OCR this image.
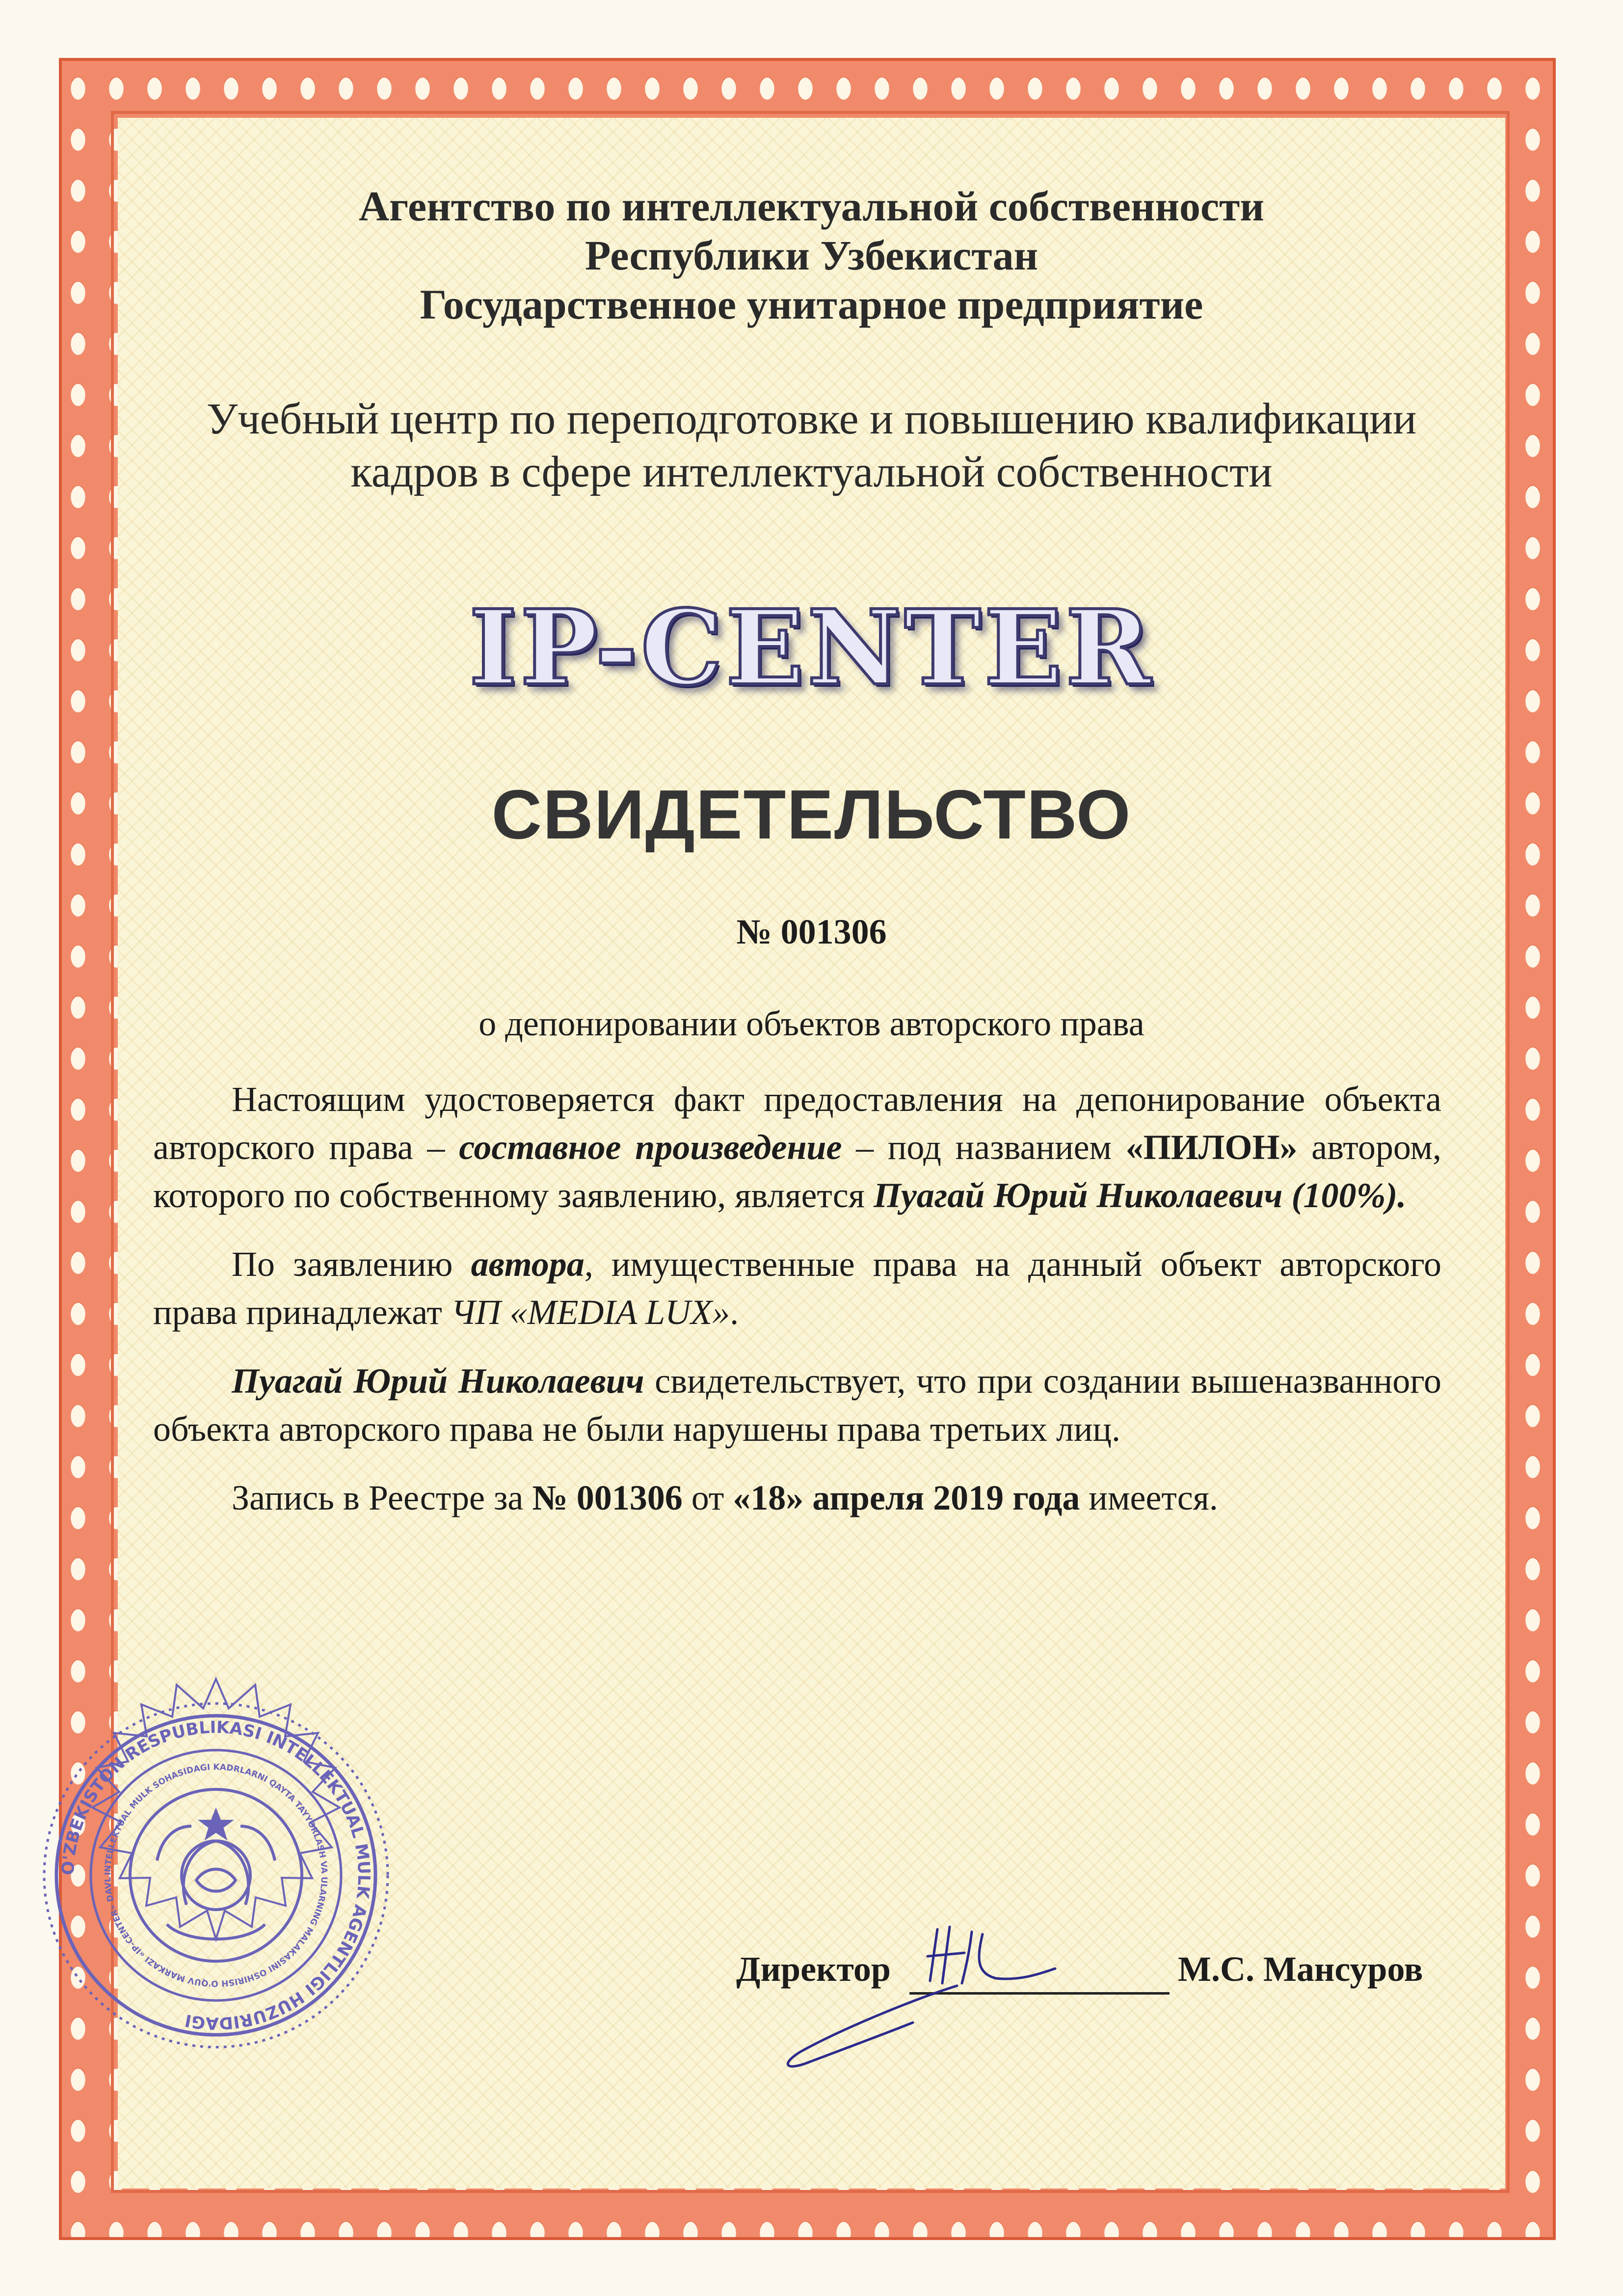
Агентство по интеллектуальной собственности
Республики Узбекистан
Государственное унитарное предприятие
Учебный центр по переподготовке и повышению квалификации
кадров в сфере интеллектуальной собственности
IP-CENTER
СВИДЕТЕЛЬСТВО
№ 001306
о депонировании объектов авторского права

Настоящим удостоверяется факт предоставления на депонирование объекта авторского права – составное произведение – под названием «ПИЛОН» автором, которого по собственному заявлению, является Пуагай Юрий Николаевич (100%).

По заявлению автора, имущественные права на данный объект авторского права принадлежат ЧП «MEDIA LUX».

Пуагай Юрий Николаевич свидетельствует, что при создании вышеназванного объекта авторского права не были нарушены права третьих лиц.

Запись в Реестре за № 001306 от «18» апреля 2019 года имеется.

Директор	М.С. Мансуров
O'ZBEKISTON RESPUBLIKASI INTELLEKTUAL MULK AGENTLIGI HUZURIDAGI
INTELLEKTUAL MULK SOHASIDAGI KADRLARNI QAYTA TAYYORLASH VA ULARNING MALAKASINI OSHIRISH O'QUV MARKAZI «IP-CENTER» DAVL
